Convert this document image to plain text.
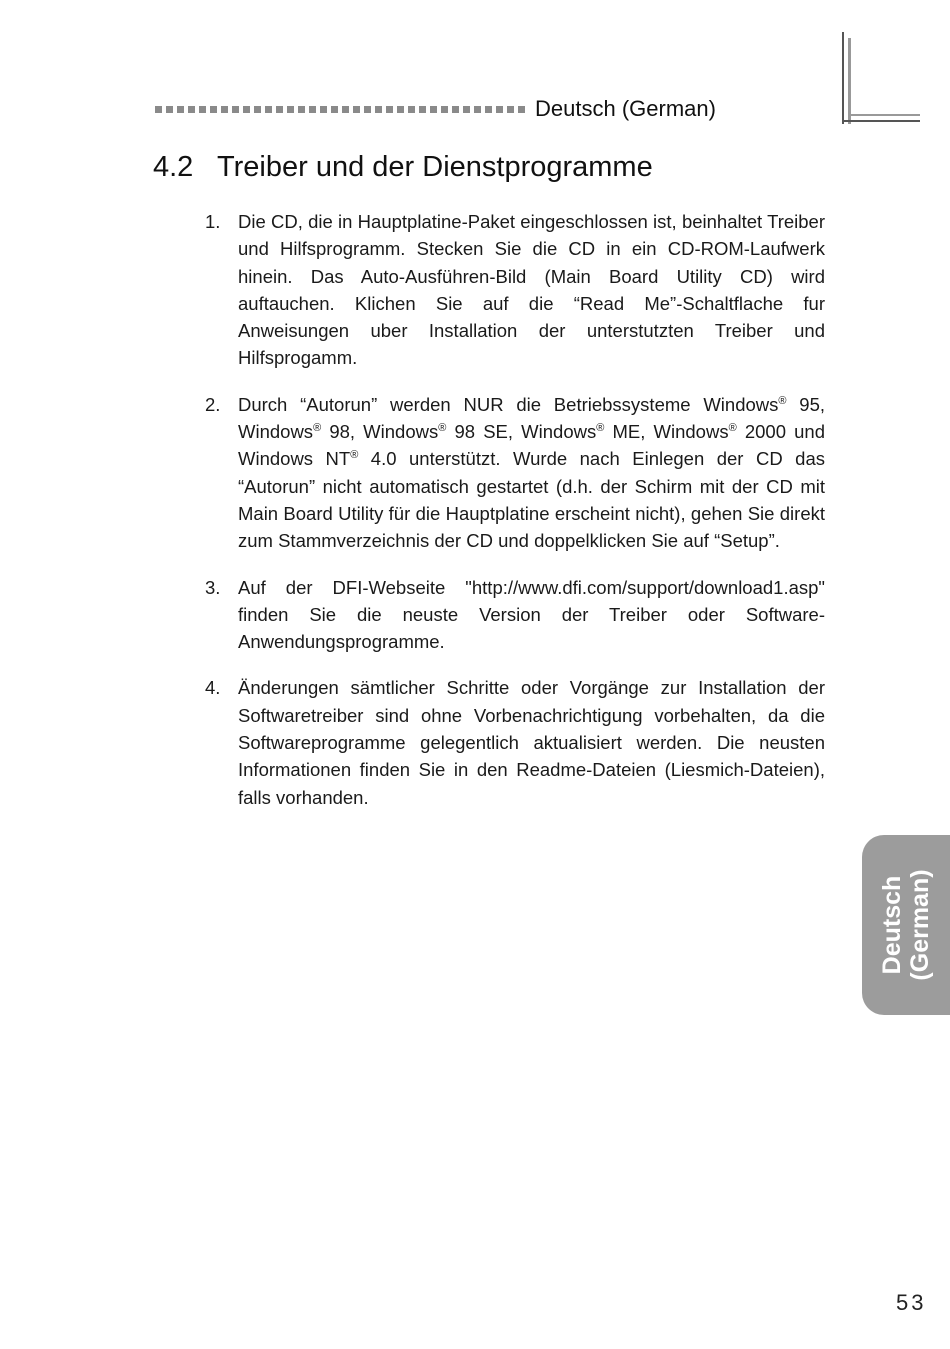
Deutsch (German)
4.2 Treiber und der Dienstprogramme
1. Die CD, die in Hauptplatine-Paket eingeschlossen ist, beinhaltet Treiber und Hilfsprogramm. Stecken Sie die CD in ein CD-ROM-Laufwerk hinein. Das Auto-Ausführen-Bild (Main Board Utility CD) wird auftauchen. Klichen Sie auf die “Read Me”-Schaltflache fur Anweisungen uber Installation der unterstutzten Treiber und Hilfsprogamm.
2. Durch “Autorun” werden NUR die Betriebssysteme Windows® 95, Windows® 98, Windows® 98 SE, Windows® ME, Windows® 2000 und Windows NT® 4.0 unterstützt. Wurde nach Einlegen der CD das “Autorun” nicht automatisch gestartet (d.h. der Schirm mit der CD mit Main Board Utility für die Hauptplatine erscheint nicht), gehen Sie direkt zum Stammverzeichnis der CD und doppelklicken Sie auf “Setup”.
3. Auf der DFI-Webseite "http://www.dfi.com/support/download1.asp" finden Sie die neuste Version der Treiber oder Software-Anwendungsprogramme.
4. Änderungen sämtlicher Schritte oder Vorgänge zur Installation der Softwaretreiber sind ohne Vorbenachrichtigung vorbehalten, da die Softwareprogramme gelegentlich aktualisiert werden. Die neusten Informationen finden Sie in den Readme-Dateien (Liesmich-Dateien), falls vorhanden.
Deutsch (German)
53
